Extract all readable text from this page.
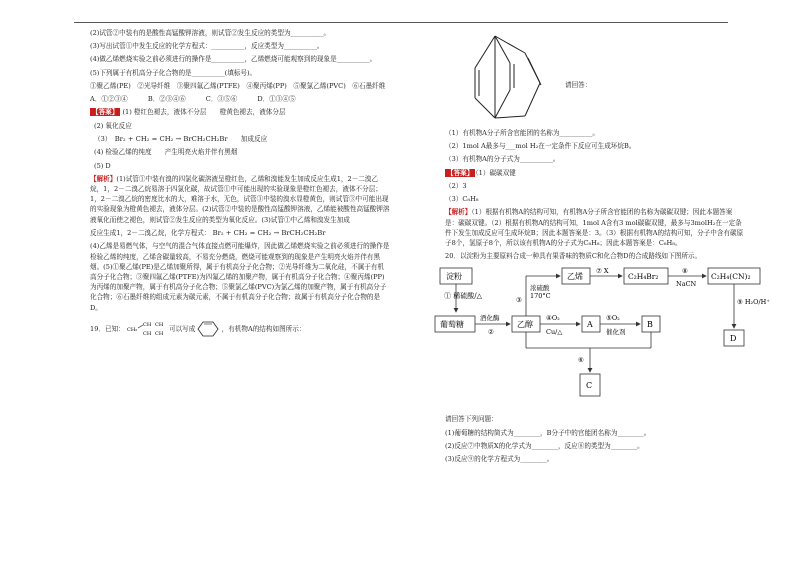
(2)试管②中装有的是酸性高锰酸钾溶液，则试管②发生反应的类型为__________。

(3)写出试管①中发生反应的化学方程式：__________，反应类型为__________。

(4)做乙烯燃烧实验之前必须进行的操作是__________，乙烯燃烧可能观察到的现象是__________。

(5)下列属于有机高分子化合物的是__________(填标号)。

①聚乙烯(PE)　②光导纤维　③聚四氟乙烯(PTFE)　④聚丙烯(PP)　⑤聚氯乙烯(PVC)　⑥石墨纤维

A．①②③④	B．②③④⑥	C．③⑤⑥	D．①③④⑤

【答案】 (1) 橙红色褪去，液体不分层　　橙黄色褪去，液体分层

(2) 氧化反应

（3）　Br₂ + CH₂ = CH₂ → BrCH₂CH₂Br　　 加成反应

(4) 检验乙烯的纯度　　产生明亮火焰并伴有黑烟

(5) D

【解析】(1)试管①中装有溴的四氯化碳溶液呈橙红色，乙烯和溴能发生加成反应生成1，2－二溴乙烷，1，2－二溴乙烷易溶于四氯化碳，故试管①中可能出现的实验现象是橙红色褪去，液体不分层；1，2－二溴乙烷的密度比水的大，难溶于水，无色，试管③中装的溴水显橙黄色，则试管③中可能出现的实验现象为橙黄色褪去，液体分层。(2)试管②中装的是酸性高锰酸钾溶液，乙烯能被酸性高锰酸钾溶液氧化而使之褪色，则试管②发生反应的类型为氧化反应。(3)试管①中乙烯和溴发生加成

反应生成1，2－二溴乙烷，化学方程式： Br₂ + CH₂ = CH₂ → BrCH₂CH₂Br

(4)乙烯是易燃气体，与空气的混合气体直接点燃可能爆炸，因此做乙烯燃烧实验之前必须进行的操作是检验乙烯的纯度，乙烯含碳量较高，不易充分燃烧，燃烧可能观察到的现象是产生明亮火焰并伴有黑烟。(5)①聚乙烯(PE)是乙烯加聚所得，属于有机高分子化合物；②光导纤维为二氧化硅，不属于有机高分子化合物；③聚四氟乙烯(PTFE)为四氟乙烯的加聚产物，属于有机高分子化合物；④聚丙烯(PP)为丙烯的加聚产物，属于有机高分子化合物；⑤聚氯乙烯(PVC)为氯乙烯的加聚产物，属于有机高分子化合物；⑥石墨纤维的组成元素为碳元素，不属于有机高分子化合物；故属于有机高分子化合物的是D。

19．已知： CH₂
CH
CH
CH
CH
可以写成	，有机物A的结构如图所示：

请回答：

（1）有机物A分子所含官能团的名称为__________。

（2）1mol A最多与___mol H₂在一定条件下反应可生成环烷B。

（3）有机物A的分子式为__________。

【答案】 （1）碳碳双键

（2）3

（3）C₈H₈

【解析】（1）根据有机物A的结构可知，有机物A分子所含官能团的名称为碳碳双键；因此本题答案是：碳碳双键。（2）根据有机物A的结构可知，1mol A含有3 mol碳碳双键，最多与3molH₂在一定条件下发生加成反应可生成环烷B；因此本题答案是：3。（3）根据有机物A的结构可知，分子中含有碳原子8个，氢原子8个，所以该有机物A的分子式为C₈H₈；因此本题答案是：C₈H₈。

20．以淀粉为主要原料合成一种具有果香味的物质C和化合物D的合成路线如下图所示。

淀粉
① 稀硫酸/△
葡萄糖
酒化酶
②
乙醇
浓硫酸
170°C
③
乙烯
⑦ X
C₂H₄Br₂
⑧
NaCN
C₂H₄(CN)₂
⑨ H₂O/H⁺
D
④O₂
Cu/△
A
⑤O₂
催化剂
B
⑥
C

请回答下列问题：

(1)葡萄糖的结构简式为________，B分子中的官能团名称为________。

(2)反应⑦中物质X的化学式为________，反应⑧的类型为________。

(3)反应⑨的化学方程式为________。
